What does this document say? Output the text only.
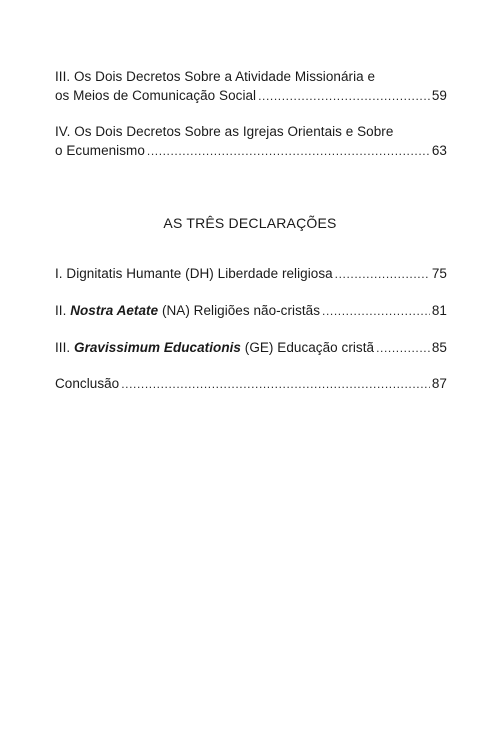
III. Os Dois Decretos Sobre a Atividade Missionária e
os Meios de Comunicação Social .....	59
IV. Os Dois Decretos Sobre as Igrejas Orientais e Sobre
o Ecumenismo .....	63
AS TRÊS DECLARAÇÕES
I. Dignitatis Humante (DH) Liberdade religiosa .....	75
II. Nostra Aetate (NA) Religiões não-cristãs .....	81
III. Gravissimum Educationis (GE) Educação cristã .....	85
Conclusão .....	87
